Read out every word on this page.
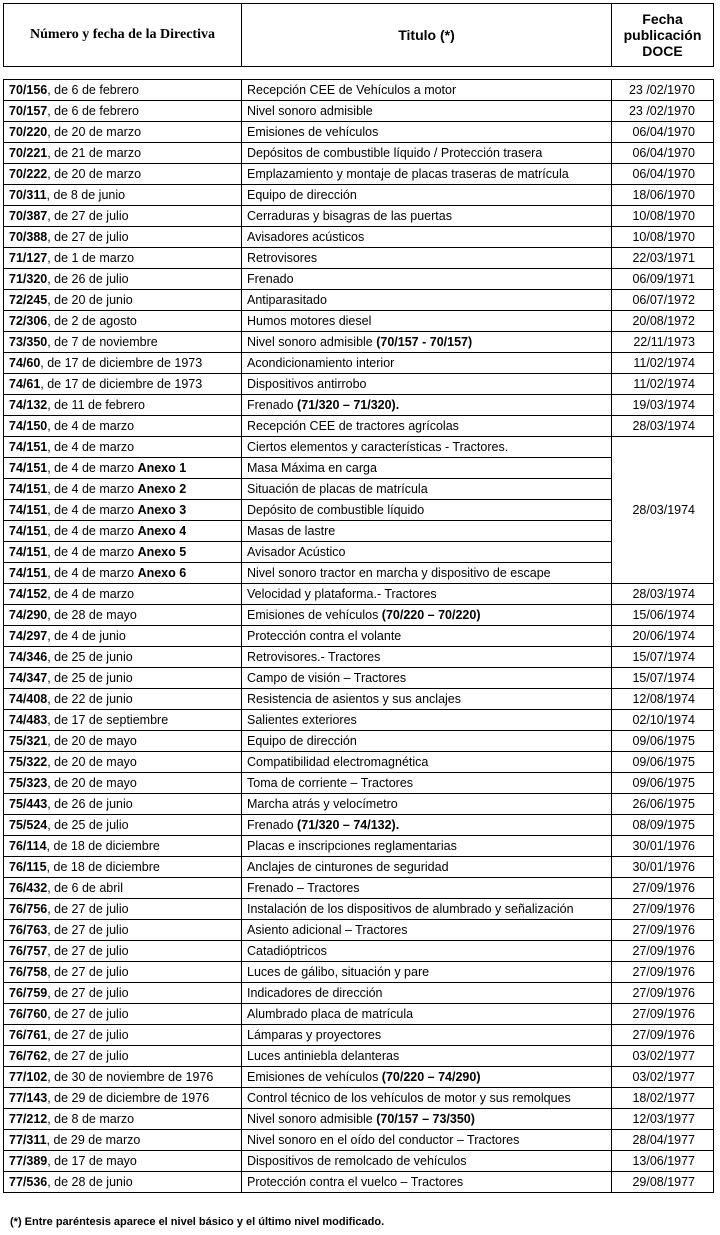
Número y fecha de la Directiva	Titulo (*)	
Fecha
publicación
DOCE
70/156, de 6 de febrero	Recepción CEE de Vehículos a motor	23 /02/1970
70/157, de 6 de febrero	Nivel sonoro admisible	23 /02/1970
70/220, de 20 de marzo	Emisiones de vehículos	06/04/1970
70/221, de 21 de marzo	Depósitos de combustible líquido / Protección trasera	06/04/1970
70/222, de 20 de marzo	Emplazamiento y montaje de placas traseras de matrícula	06/04/1970
70/311, de 8 de junio	Equipo de dirección	18/06/1970
70/387, de 27 de julio	Cerraduras y bisagras de las puertas	10/08/1970
70/388, de 27 de julio	Avisadores acústicos	10/08/1970
71/127, de 1 de marzo	Retrovisores	22/03/1971
71/320, de 26 de julio	Frenado	06/09/1971
72/245, de 20 de junio	Antiparasitado	06/07/1972
72/306, de 2 de agosto	Humos motores diesel	20/08/1972
73/350, de 7 de noviembre	Nivel sonoro admisible (70/157 - 70/157)	22/11/1973
74/60, de 17 de diciembre de 1973	Acondicionamiento interior	11/02/1974
74/61, de 17 de diciembre de 1973	Dispositivos antirrobo	11/02/1974
74/132, de 11 de febrero	Frenado (71/320 – 71/320).	19/03/1974
74/150, de 4 de marzo	Recepción CEE de tractores agrícolas	28/03/1974
74/151, de 4 de marzo	Ciertos elementos y características - Tractores.	28/03/1974
74/151, de 4 de marzo Anexo 1	Masa Máxima en carga	
74/151, de 4 de marzo Anexo 2	Situación de placas de matrícula	
74/151, de 4 de marzo Anexo 3	Depósito de combustible líquido	
74/151, de 4 de marzo Anexo 4	Masas de lastre	
74/151, de 4 de marzo Anexo 5	Avisador Acústico	
74/151, de 4 de marzo Anexo 6	Nivel sonoro tractor en marcha y dispositivo de escape	
74/152, de 4 de marzo	Velocidad y plataforma.- Tractores	28/03/1974
74/290, de 28 de mayo	Emisiones de vehículos (70/220 – 70/220)	15/06/1974
74/297, de 4 de junio	Protección contra el volante	20/06/1974
74/346, de 25 de junio	Retrovisores.- Tractores	15/07/1974
74/347, de 25 de junio	Campo de visión – Tractores	15/07/1974
74/408, de 22 de junio	Resistencia de asientos y sus anclajes	12/08/1974
74/483, de 17 de septiembre	Salientes exteriores	02/10/1974
75/321, de 20 de mayo	Equipo de dirección	09/06/1975
75/322, de 20 de mayo	Compatibilidad electromagnética	09/06/1975
75/323, de 20 de mayo	Toma de corriente – Tractores	09/06/1975
75/443, de 26 de junio	Marcha atrás y velocímetro	26/06/1975
75/524, de 25 de julio	Frenado (71/320 – 74/132).	08/09/1975
76/114, de 18 de diciembre	Placas e inscripciones reglamentarias	30/01/1976
76/115, de 18 de diciembre	Anclajes de cinturones de seguridad	30/01/1976
76/432, de 6 de abril	Frenado – Tractores	27/09/1976
76/756, de 27 de julio	Instalación de los dispositivos de alumbrado y señalización	27/09/1976
76/763, de 27 de julio	Asiento adicional – Tractores	27/09/1976
76/757, de 27 de julio	Catadióptricos	27/09/1976
76/758, de 27 de julio	Luces de gálibo, situación y pare	27/09/1976
76/759, de 27 de julio	Indicadores de dirección	27/09/1976
76/760, de 27 de julio	Alumbrado placa de matrícula	27/09/1976
76/761, de 27 de julio	Lámparas y proyectores	27/09/1976
76/762, de 27 de julio	Luces antiniebla delanteras	03/02/1977
77/102, de 30 de noviembre de 1976	Emisiones de vehículos (70/220 – 74/290)	03/02/1977
77/143, de 29 de diciembre de 1976	Control técnico de los vehículos de motor y sus remolques	18/02/1977
77/212, de 8 de marzo	Nivel sonoro admisible (70/157 – 73/350)	12/03/1977
77/311, de 29 de marzo	Nivel sonoro en el oído del conductor – Tractores	28/04/1977
77/389, de 17 de mayo	Dispositivos de remolcado de vehículos	13/06/1977
77/536, de 28 de junio	Protección contra el vuelco – Tractores	29/08/1977
(*) Entre paréntesis aparece el nivel básico y el último nivel modificado.
